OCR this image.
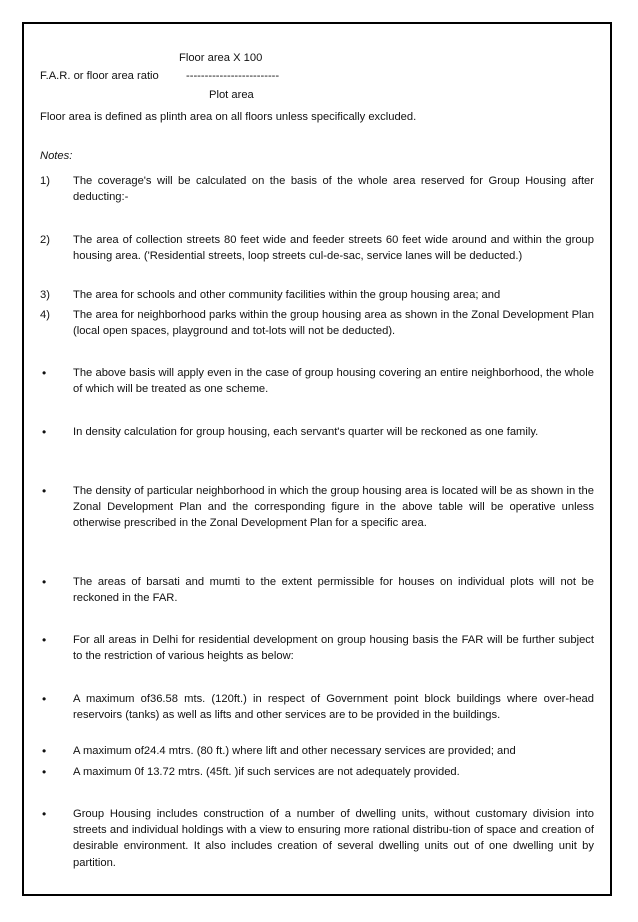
Floor area X 100
F.A.R. or floor area ratio -------------------------
Plot area
Floor area is defined as plinth area on all floors unless specifically excluded.
Notes:
1) The coverage's will be calculated on the basis of the whole area reserved for Group Housing after deducting:-
2) The area of collection streets 80 feet wide and feeder streets 60 feet wide around and within the group housing area. ('Residential streets, loop streets cul-de-sac, service lanes will be deducted.)
3) The area for schools and other community facilities within the group housing area; and
4) The area for neighborhood parks within the group housing area as shown in the Zonal Development Plan (local open spaces, playground and tot-lots will not be deducted).
• The above basis will apply even in the case of group housing covering an entire neighborhood, the whole of which will be treated as one scheme.
• In density calculation for group housing, each servant's quarter will be reckoned as one family.
• The density of particular neighborhood in which the group housing area is located will be as shown in the Zonal Development Plan and the corresponding figure in the above table will be operative unless otherwise prescribed in the Zonal Development Plan for a specific area.
• The areas of barsati and mumti to the extent permissible for houses on individual plots will not be reckoned in the FAR.
• For all areas in Delhi for residential development on group housing basis the FAR will be further subject to the restriction of various heights as below:
• A maximum of36.58 mts. (120ft.) in respect of Government point block buildings where over-head reservoirs (tanks) as well as lifts and other services are to be provided in the buildings.
• A maximum of24.4 mtrs. (80 ft.) where lift and other necessary services are provided; and
• A maximum 0f 13.72 mtrs. (45ft. )if such services are not adequately provided.
• Group Housing includes construction of a number of dwelling units, without customary division into streets and individual holdings with a view to ensuring more rational distribu-tion of space and creation of desirable environment. It also includes creation of several dwelling units out of one dwelling unit by partition.
